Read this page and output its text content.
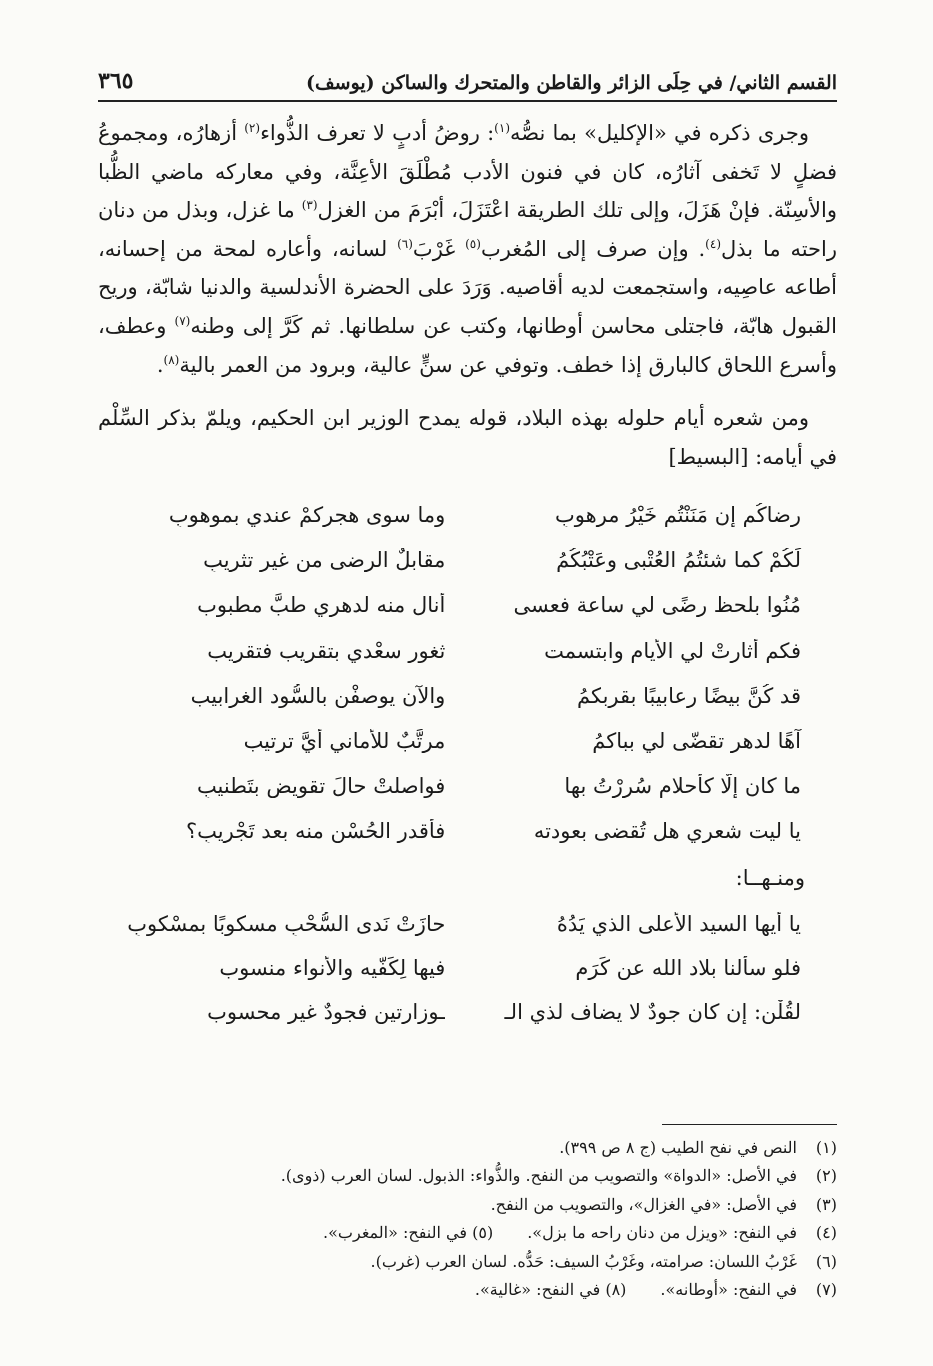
القسم الثاني/ في حِلَى الزائر والقاطن والمتحرك والساكن (يوسف)
٣٦٥

وجرى ذكره في «الإكليل» بما نصُّه$^{(١)}$: روضُ أدبٍ لا تعرف الذُّواء$^{(٢)}$ أزهارُه، ومجموعُ فضلٍ لا تَخفى آثارُه، كان في فنون الأدب مُطْلَقَ الأعِنَّة، وفي معاركه ماضي الظُّبا والأسِنّة. فإنْ هَزَلَ، وإلى تلك الطريقة اعْتَزَلَ، أبْرَمَ من الغزل$^{(٣)}$ ما غزل، وبذل من دنان راحته ما بذل$^{(٤)}$. وإن صرف إلى المُغرب$^{(٥)}$ غَرْبَ$^{(٦)}$ لسانه، وأعاره لمحة من إحسانه، أطاعه عاصِيه، واستجمعت لديه أقاصيه. وَرَدَ على الحضرة الأندلسية والدنيا شابّة، وريح القبول هابّة، فاجتلى محاسن أوطانها، وكتب عن سلطانها. ثم كَرَّ إلى وطنه$^{(٧)}$ وعطف، وأسرع اللحاق كالبارق إذا خطف. وتوفي عن سنٍّ عالية، وبرود من العمر بالية$^{(٨)}$.

ومن شعره أيام حلوله بهذه البلاد، قوله يمدح الوزير ابن الحكيم، ويلمّ بذكر السِّلْم في أيامه: [البسيط]

رضاكُم إن مَنَنْتُم خَيْرُ مرهوبِ
وما سوى هجركمْ عندي بموهوبِ
لَكُمْ كما شئتُمُ العُتْبى وعَتْبُكُمُ
مقابلٌ الرضى من غير تثريبِ
مُنُوا بلحظ رضًى لي ساعة فعسى
أنال منه لدهري طبَّ مطبوب
فكم أثارتْ لي الأيام وابتسمت
ثغور سعْدي بتقريب فتقريب
قد كُنَّ بيضًا رعابيبًا بقربكمُ
والآن يوصفْن بالسُّود الغرابيب
آهًا لدهر تقضّى لي بباكمُ
مرتَّبٌ للأماني أيَّ ترتيب
ما كان إلّا كأحلامٍ سُرِرْتُ بها
فواصلتْ حالَ تقويضٍ بتَطنيبِ
يا ليت شعري هل تُقضى بعودته
فأقدر الحُسْن منه بعد تَجْريبِ؟
ومنـهــا:
يا أيها السيد الأعلى الذي يَدُهُ
حازَتْ نَدى السُّحْبِ مسكوبًا بمسْكوبِ
فلو سألنا بلاد الله عن كَرَمٍ
فيها لِكَفّيه والأنواء منسوب
لقُلْن: إن كان جودٌ لا يضاف لذي الـ
ـوزارتين فجودٌ غير محسوب
(١)
النص في نفح الطيب (ج ٨ ص ٣٩٩).
(٢)
في الأصل: «الدواة» والتصويب من النفح. والذُّواء: الذبول. لسان العرب (ذوى).
(٣)
في الأصل: «في الغزال»، والتصويب من النفح.
(٤)
في النفح: «ويزل من دنان راحه ما بزل».
(٥)

في النفح: «المغرب».
(٦)
غَرْبُ اللسان: صرامته، وغَرْبُ السيف: حَدُّه. لسان العرب (غرب).
(٧)
في النفح: «أوطانه».
(٨)

في النفح: «غالية».
